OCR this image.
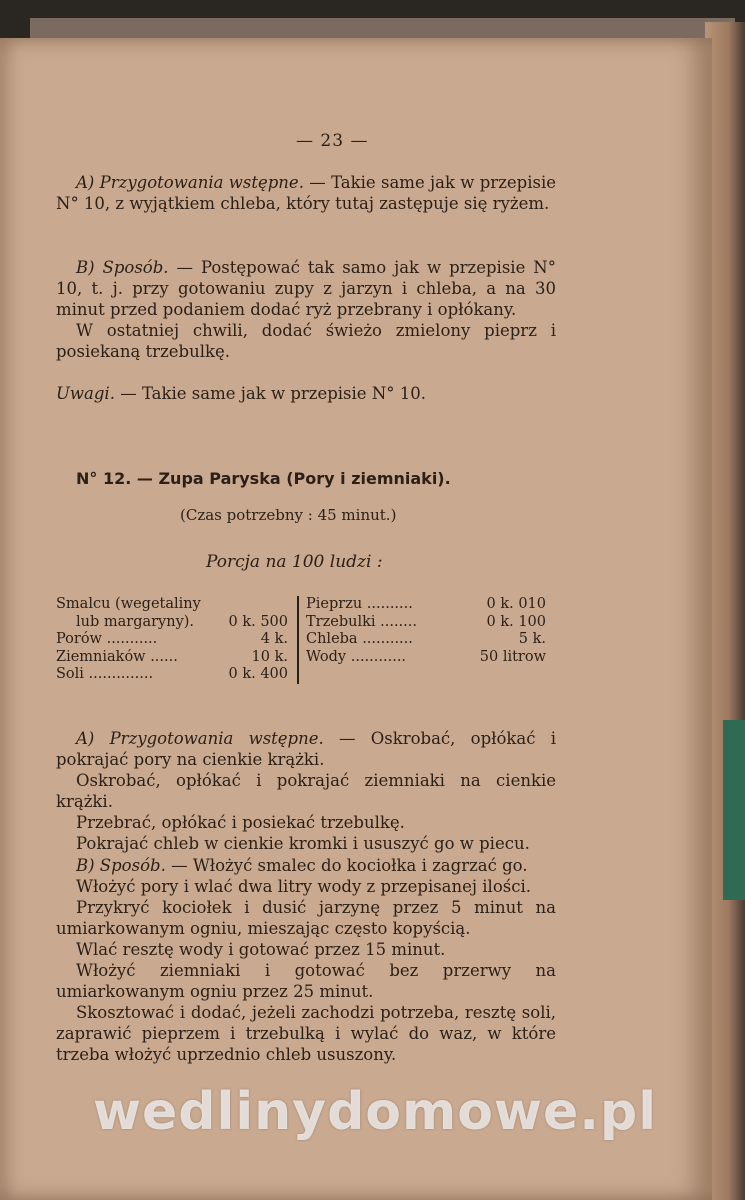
— 23 —
A) Przygotowania wstępne. — Takie same jak w przepisie N° 10, z wyjątkiem chleba, który tutaj zastępuje się ryżem.
B) Sposób. — Postępować tak samo jak w przepisie N° 10, t. j. przy gotowaniu zupy z jarzyn i chleba, a na 30 minut przed podaniem dodać ryż przebrany i opłókany.
W ostatniej chwili, dodać świeżo zmielony pieprz i posiekaną trzebulkę.
Uwagi. — Takie same jak w przepisie N° 10.
N° 12. — Zupa Paryska (Pory i ziemniaki).
(Czas potrzebny : 45 minut.)
Porcja na 100 ludzi :
Smalcu (wegetaliny
lub margaryny).	0 k. 500
Porów ...........	4 k.
Ziemniaków ......	10 k.
Soli ..............	0 k. 400
Pieprzu ..........	0 k. 010
Trzebulki ........	0 k. 100
Chleba ...........	5 k.
Wody ............	50 litrow
A) Przygotowania wstępne. — Oskrobać, opłókać i pokrajać pory na cienkie krążki.

Oskrobać, opłókać i pokrajać ziemniaki na cienkie krążki.

Przebrać, opłókać i posiekać trzebulkę.

Pokrajać chleb w cienkie kromki i ususzyć go w piecu.

B) Sposób. — Włożyć smalec do kociołka i zagrzać go.

Włożyć pory i wlać dwa litry wody z przepisanej ilości.

Przykryć kociołek i dusić jarzynę przez 5 minut na umiarkowanym ogniu, mieszając często kopyścią.

Wlać resztę wody i gotować przez 15 minut.

Włożyć ziemniaki i gotować bez przerwy na umiarkowanym ogniu przez 25 minut.

Skosztować i dodać, jeżeli zachodzi potrzeba, resztę soli, zaprawić pieprzem i trzebulką i wylać do waz, w które trzeba włożyć uprzednio chleb ususzony.

wedlinydomowe.pl
